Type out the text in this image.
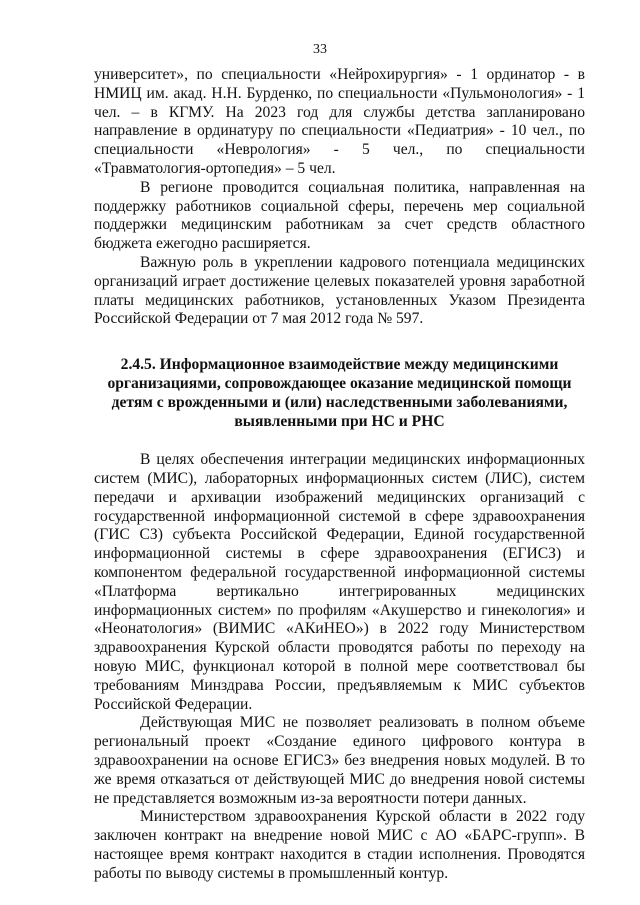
33

университет», по специальности «Нейрохирургия» - 1 ординатор - в НМИЦ им. акад. Н.Н. Бурденко, по специальности «Пульмонология» - 1 чел. – в КГМУ. На 2023 год для службы детства запланировано направление в ординатуру по специальности «Педиатрия» - 10 чел., по специальности «Неврология» - 5 чел., по специальности «Травматология-ортопедия» – 5 чел.

В регионе проводится социальная политика, направленная на поддержку работников социальной сферы, перечень мер социальной поддержки медицинским работникам за счет средств областного бюджета ежегодно расширяется.

Важную роль в укреплении кадрового потенциала медицинских организаций играет достижение целевых показателей уровня заработной платы медицинских работников, установленных Указом Президента Российской Федерации от 7 мая 2012 года № 597.

2.4.5. Информационное взаимодействие между медицинскими организациями, сопровождающее оказание медицинской помощи детям с врожденными и (или) наследственными заболеваниями, выявленными при НС и РНС

В целях обеспечения интеграции медицинских информационных систем (МИС), лабораторных информационных систем (ЛИС), систем передачи и архивации изображений медицинских организаций с государственной информационной системой в сфере здравоохранения (ГИС СЗ) субъекта Российской Федерации, Единой государственной информационной системы в сфере здравоохранения (ЕГИСЗ) и компонентом федеральной государственной информационной системы «Платформа вертикально интегрированных медицинских информационных систем» по профилям «Акушерство и гинекология» и «Неонатология» (ВИМИС «АКиНЕО») в 2022 году Министерством здравоохранения Курской области проводятся работы по переходу на новую МИС, функционал которой в полной мере соответствовал бы требованиям Минздрава России, предъявляемым к МИС субъектов Российской Федерации.

Действующая МИС не позволяет реализовать в полном объеме региональный проект «Создание единого цифрового контура в здравоохранении на основе ЕГИСЗ» без внедрения новых модулей. В то же время отказаться от действующей МИС до внедрения новой системы не представляется возможным из-за вероятности потери данных.

Министерством здравоохранения Курской области в 2022 году заключен контракт на внедрение новой МИС с АО «БАРС-групп». В настоящее время контракт находится в стадии исполнения. Проводятся работы по выводу системы в промышленный контур.
